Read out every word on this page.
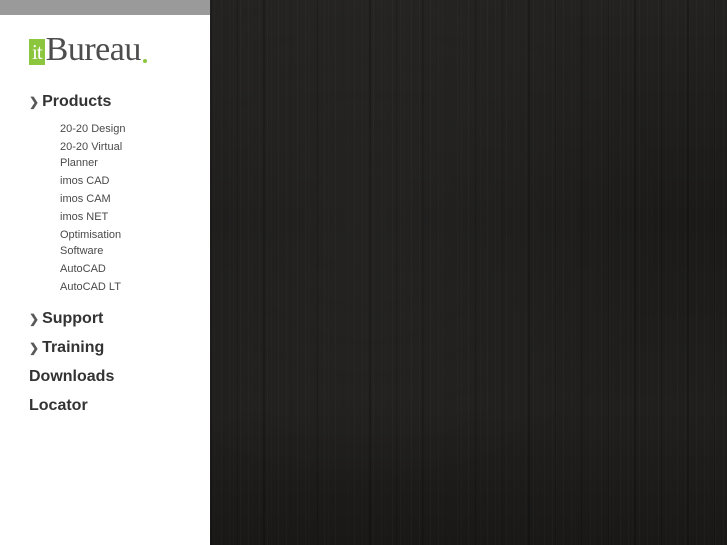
it Bureau
❯ Products
20-20 Design
20-20 Virtual Planner
imos CAD
imos CAM
imos NET
Optimisation Software
AutoCAD
AutoCAD LT
❯ Support
❯ Training
Downloads
Locator
